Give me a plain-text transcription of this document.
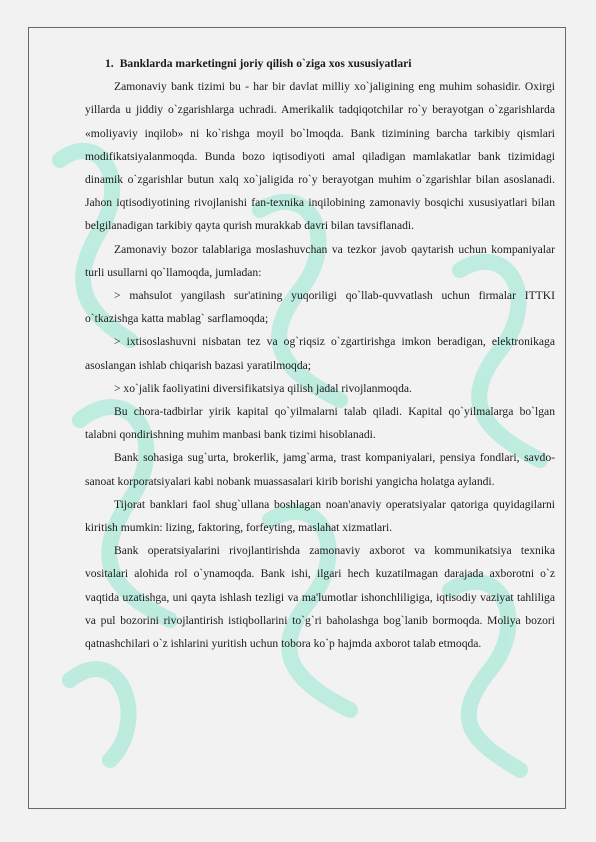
1. Banklarda marketingni joriy qilish o`ziga xos xususiyatlari

Zamonaviy bank tizimi bu - har bir davlat milliy xo`jaligining eng muhim sohasidir. Oxirgi yillarda u jiddiy o`zgarishlarga uchradi. Amerikalik tadqiqotchilar ro`y berayotgan o`zgarishlarda «moliyaviy inqilob» ni ko`rishga moyil bo`lmoqda. Bank tizimining barcha tarkibiy qismlari modifikatsiyalanmoqda. Bunda bozo iqtisodiyoti amal qiladigan mamlakatlar bank tizimidagi dinamik o`zgarishlar butun xalq xo`jaligida ro`y berayotgan muhim o`zgarishlar bilan asoslanadi. Jahon iqtisodiyotining rivojlanishi fan-texnika inqilobining zamonaviy bosqichi xususiyatlari bilan belgilanadigan tarkibiy qayta qurish murakkab davri bilan tavsiflanadi.

Zamonaviy bozor talablariga moslashuvchan va tezkor javob qaytarish uchun kompaniyalar turli usullarni qo`llamoqda, jumladan:

> mahsulot yangilash sur'atining yuqoriligi qo`llab-quvvatlash uchun firmalar ITTKI o`tkazishga katta mablag` sarflamoqda;

> ixtisoslashuvni nisbatan tez va og`riqsiz o`zgartirishga imkon beradigan, elektronikaga asoslangan ishlab chiqarish bazasi yaratilmoqda;

> xo`jalik faoliyatini diversifikatsiya qilish jadal rivojlanmoqda.

Bu chora-tadbirlar yirik kapital qo`yilmalarni talab qiladi. Kapital qo`yilmalarga bo`lgan talabni qondirishning muhim manbasi bank tizimi hisoblanadi.

Bank sohasiga sug`urta, brokerlik, jamg`arma, trast kompaniyalari, pensiya fondlari, savdo-sanoat korporatsiyalari kabi nobank muassasalari kirib borishi yangicha holatga aylandi.

Tijorat banklari faol shug`ullana boshlagan noan'anaviy operatsiyalar qatoriga quyidagilarni kiritish mumkin: lizing, faktoring, forfeyting, maslahat xizmatlari.

Bank operatsiyalarini rivojlantirishda zamonaviy axborot va kommunikatsiya texnika vositalari alohida rol o`ynamoqda. Bank ishi, ilgari hech kuzatilmagan darajada axborotni o`z vaqtida uzatishga, uni qayta ishlash tezligi va ma'lumotlar ishonchliligiga, iqtisodiy vaziyat tahliliga va pul bozorini rivojlantirish istiqbollarini to`g`ri baholashga bog`lanib bormoqda. Moliya bozori qatnashchilari o`z ishlarini yuritish uchun tobora ko`p hajmda axborot talab etmoqda.
